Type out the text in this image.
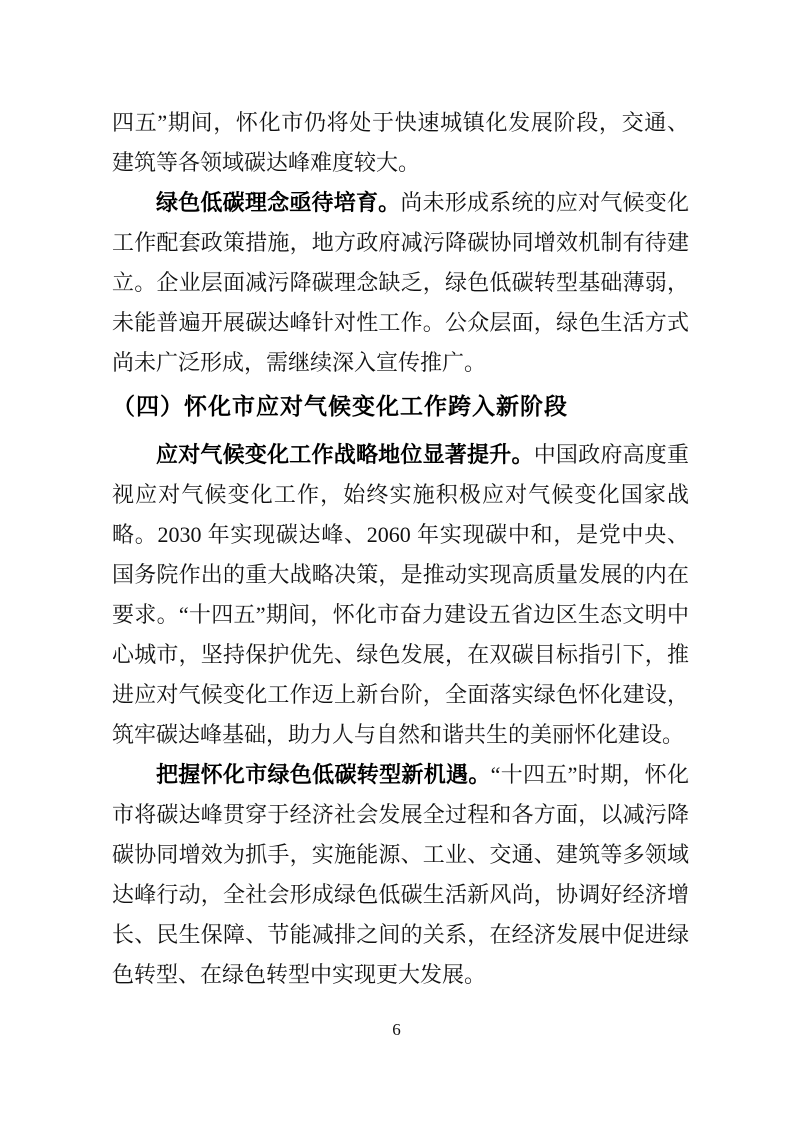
四五”期间，怀化市仍将处于快速城镇化发展阶段，交通、建筑等各领域碳达峰难度较大。

绿色低碳理念亟待培育。尚未形成系统的应对气候变化工作配套政策措施，地方政府减污降碳协同增效机制有待建立。企业层面减污降碳理念缺乏，绿色低碳转型基础薄弱，未能普遍开展碳达峰针对性工作。公众层面，绿色生活方式尚未广泛形成，需继续深入宣传推广。

（四）怀化市应对气候变化工作跨入新阶段

应对气候变化工作战略地位显著提升。中国政府高度重视应对气候变化工作，始终实施积极应对气候变化国家战略。2030 年实现碳达峰、2060 年实现碳中和，是党中央、国务院作出的重大战略决策，是推动实现高质量发展的内在要求。“十四五”期间，怀化市奋力建设五省边区生态文明中心城市，坚持保护优先、绿色发展，在双碳目标指引下，推进应对气候变化工作迈上新台阶，全面落实绿色怀化建设，筑牢碳达峰基础，助力人与自然和谐共生的美丽怀化建设。

把握怀化市绿色低碳转型新机遇。“十四五”时期，怀化市将碳达峰贯穿于经济社会发展全过程和各方面，以减污降碳协同增效为抓手，实施能源、工业、交通、建筑等多领域达峰行动，全社会形成绿色低碳生活新风尚，协调好经济增长、民生保障、节能减排之间的关系，在经济发展中促进绿色转型、在绿色转型中实现更大发展。

6
